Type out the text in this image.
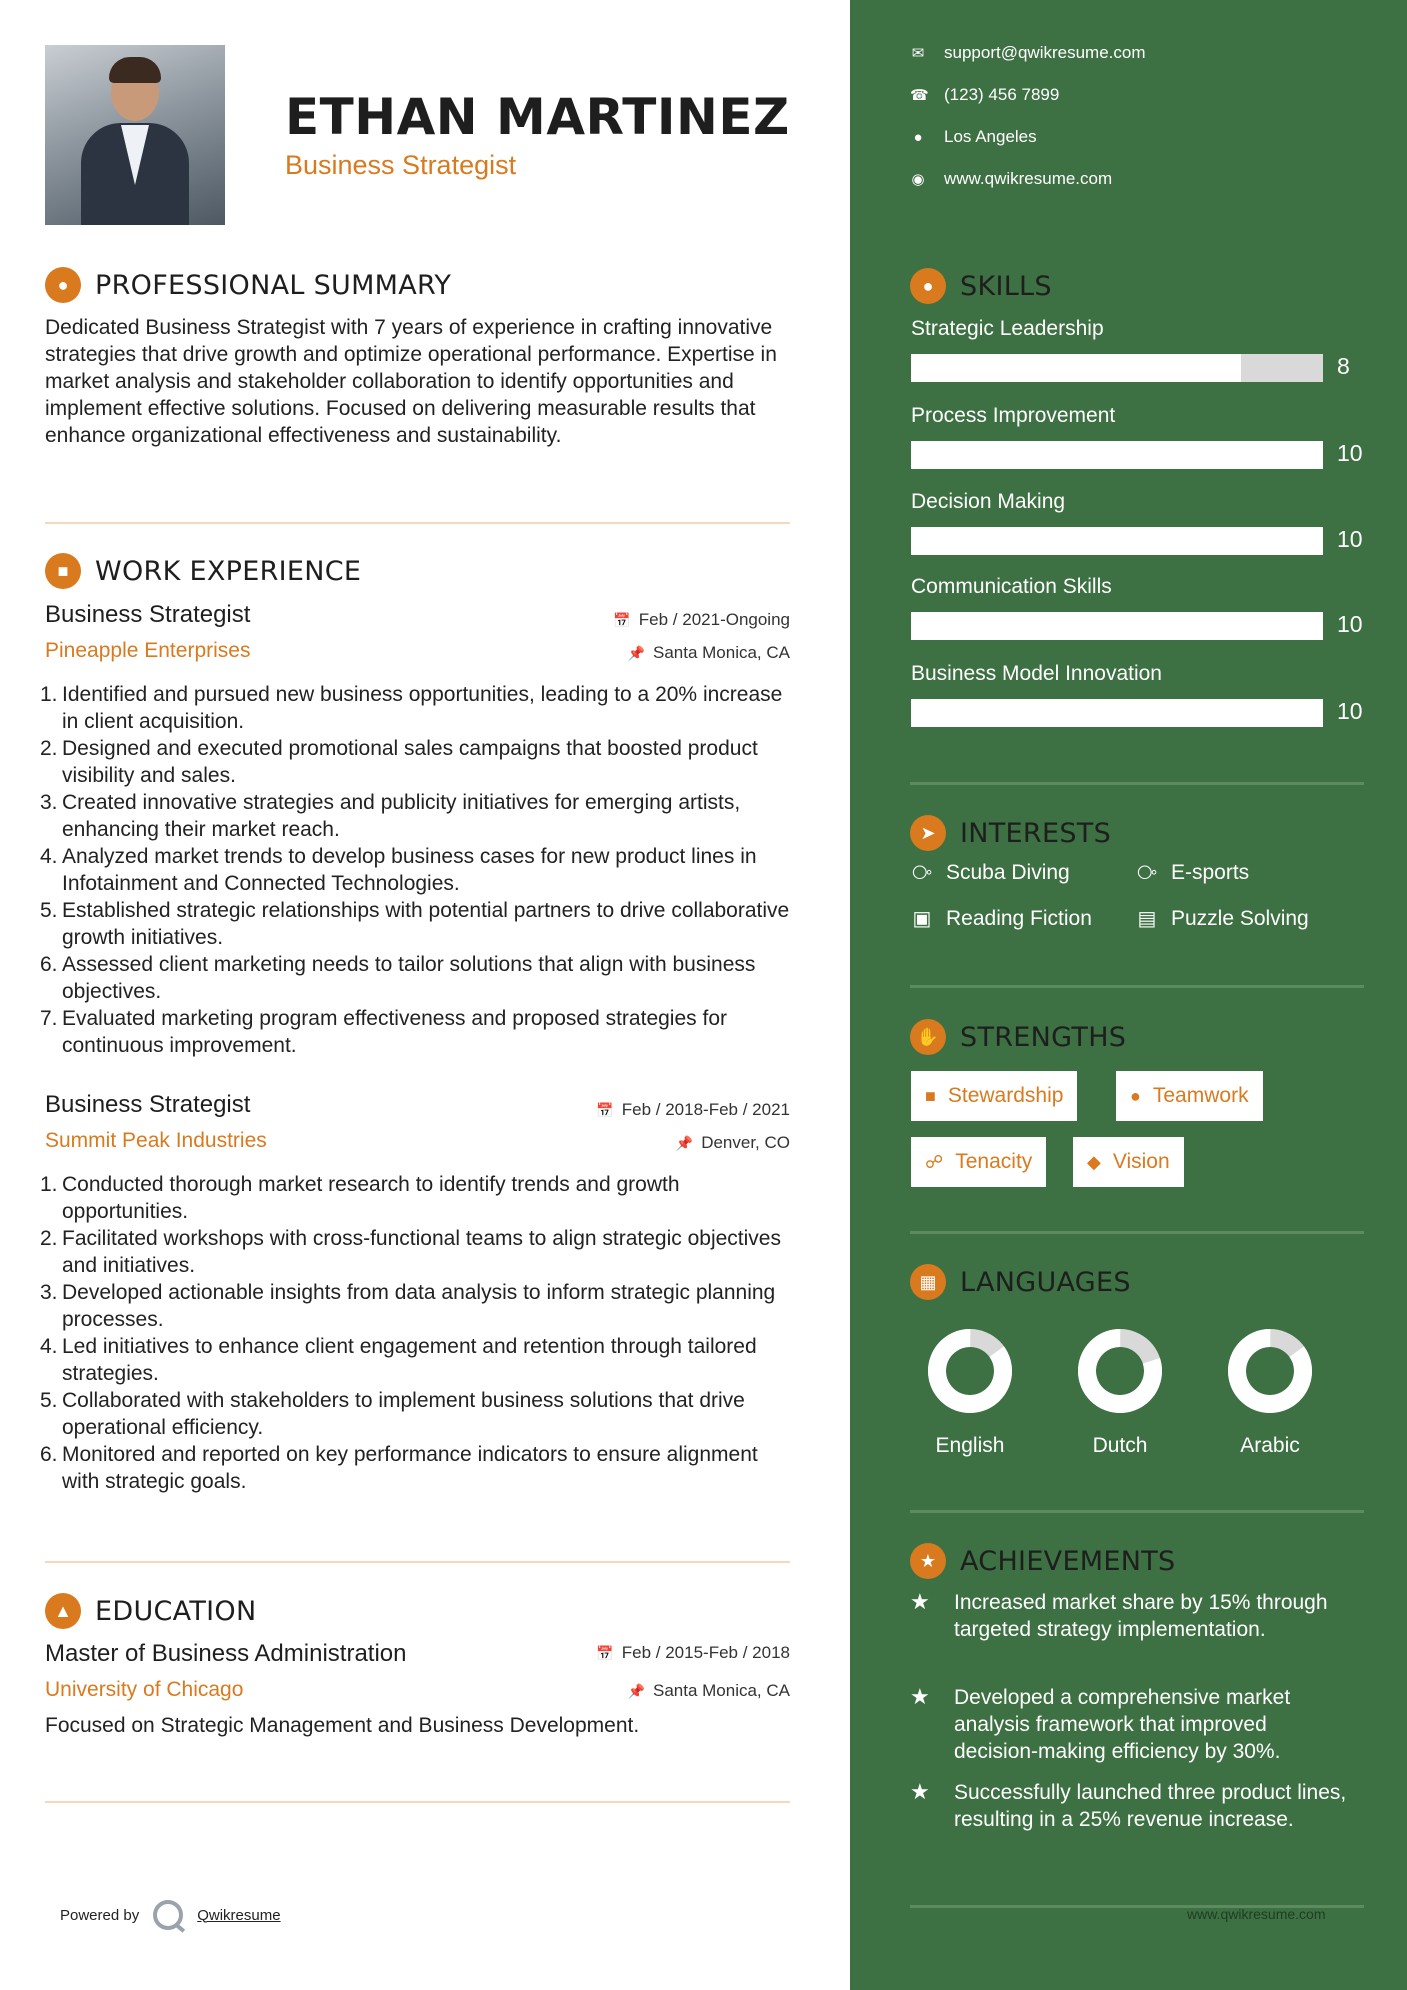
ETHAN MARTINEZ
Business Strategist
● PROFESSIONAL SUMMARY
Dedicated Business Strategist with 7 years of experience in crafting innovative strategies that drive growth and optimize operational performance. Expertise in market analysis and stakeholder collaboration to identify opportunities and implement effective solutions. Focused on delivering measurable results that enhance organizational effectiveness and sustainability.
■ WORK EXPERIENCE
Business Strategist
Pineapple Enterprises
📅 Feb / 2021-Ongoing
📌 Santa Monica, CA
1. Identified and pursued new business opportunities, leading to a 20% increase in client acquisition.
2. Designed and executed promotional sales campaigns that boosted product visibility and sales.
3. Created innovative strategies and publicity initiatives for emerging artists, enhancing their market reach.
4. Analyzed market trends to develop business cases for new product lines in Infotainment and Connected Technologies.
5. Established strategic relationships with potential partners to drive collaborative growth initiatives.
6. Assessed client marketing needs to tailor solutions that align with business objectives.
7. Evaluated marketing program effectiveness and proposed strategies for continuous improvement.
Business Strategist
Summit Peak Industries
📅 Feb / 2018-Feb / 2021
📌 Denver, CO
1. Conducted thorough market research to identify trends and growth opportunities.
2. Facilitated workshops with cross-functional teams to align strategic objectives and initiatives.
3. Developed actionable insights from data analysis to inform strategic planning processes.
4. Led initiatives to enhance client engagement and retention through tailored strategies.
5. Collaborated with stakeholders to implement business solutions that drive operational efficiency.
6. Monitored and reported on key performance indicators to ensure alignment with strategic goals.
▲ EDUCATION
Master of Business Administration
University of Chicago
📅 Feb / 2015-Feb / 2018
📌 Santa Monica, CA
Focused on Strategic Management and Business Development.
Powered by	Qwikresume
✉ support@qwikresume.com
☎ (123) 456 7899
● Los Angeles
◉ www.qwikresume.com
● SKILLS
Strategic Leadership
8
Process Improvement
10
Decision Making
10
Communication Skills
10
Business Model Innovation
10
➤ INTERESTS
⧂ Scuba Diving	⧂ E-sports
▣ Reading Fiction ▤ Puzzle Solving
✋ STRENGTHS
■ Stewardship	● Teamwork
☍ Tenacity	◆ Vision
▦ LANGUAGES
English	Dutch	Arabic
★ ACHIEVEMENTS
★	Increased market share by 15% through targeted strategy implementation.
★	Developed a comprehensive market analysis framework that improved decision-making efficiency by 30%.
★	Successfully launched three product lines, resulting in a 25% revenue increase.
www.qwikresume.com
